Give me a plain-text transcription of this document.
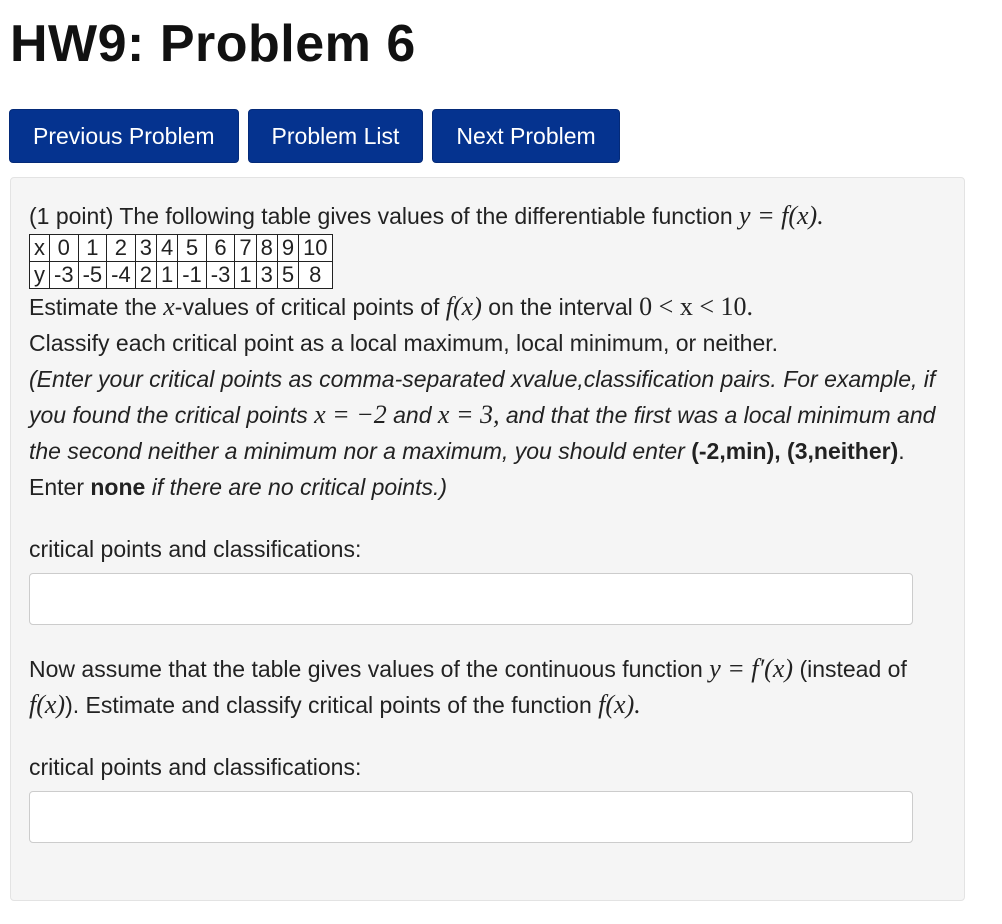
HW9: Problem 6
Previous Problem	Problem List	Next Problem
(1 point) The following table gives values of the differentiable function y = f(x).
x	0	1	2	3	4	5	6	7	8	9	10
y	-3	-5	-4	2	1	-1	-3	1	3	5	8
Estimate the x-values of critical points of f(x) on the interval 0 < x < 10.
Classify each critical point as a local maximum, local minimum, or neither.
(Enter your critical points as comma-separated xvalue,classification pairs. For example, if you found the critical points x = −2 and x = 3, and that the first was a local minimum and the second neither a minimum nor a maximum, you should enter (-2,min), (3,neither). Enter none if there are no critical points.)
critical points and classifications:
Now assume that the table gives values of the continuous function y = f′(x) (instead of f(x)). Estimate and classify critical points of the function f(x).
critical points and classifications:
